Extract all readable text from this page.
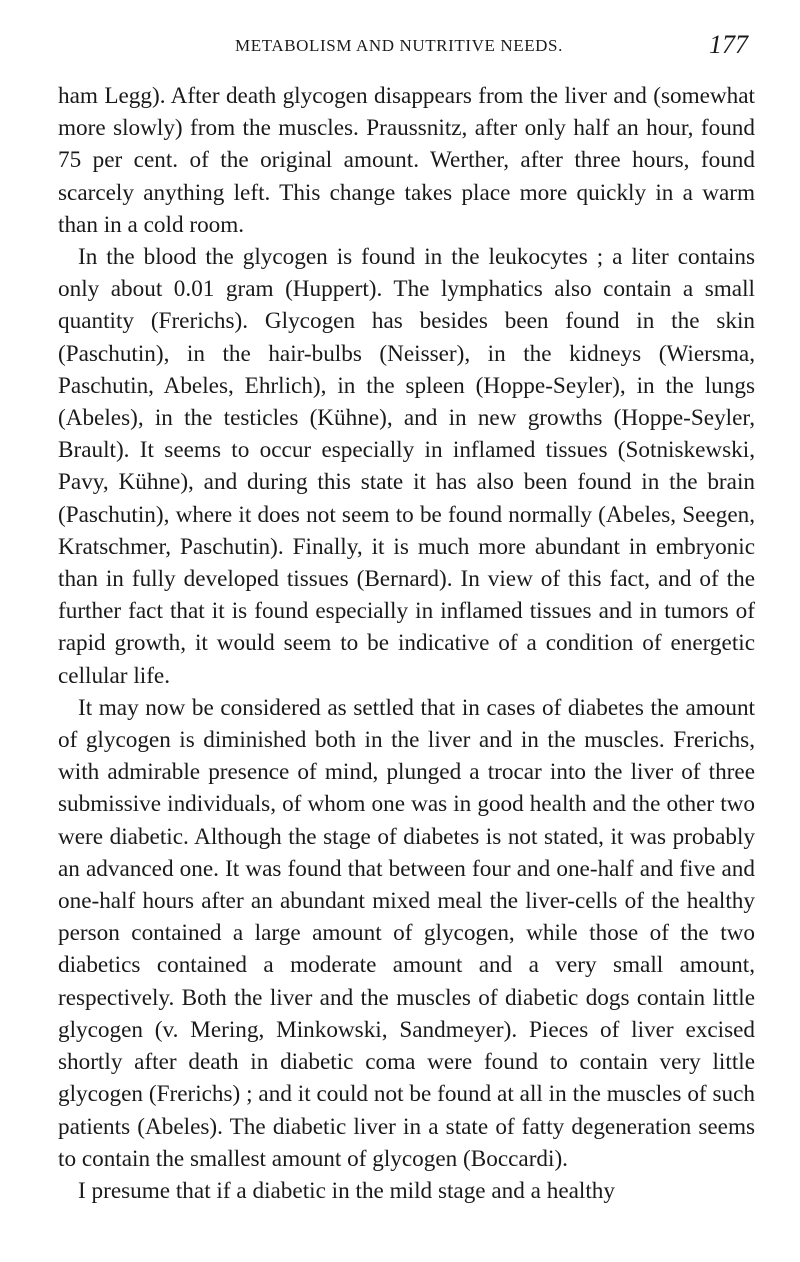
METABOLISM AND NUTRITIVE NEEDS.	177

ham Legg). After death glycogen disappears from the liver and (somewhat more slowly) from the muscles. Praussnitz, after only half an hour, found 75 per cent. of the original amount. Werther, after three hours, found scarcely anything left. This change takes place more quickly in a warm than in a cold room.

In the blood the glycogen is found in the leukocytes ; a liter contains only about 0.01 gram (Huppert). The lymphatics also contain a small quantity (Frerichs). Glycogen has besides been found in the skin (Paschutin), in the hair-bulbs (Neisser), in the kidneys (Wiersma, Paschutin, Abeles, Ehrlich), in the spleen (Hoppe-Seyler), in the lungs (Abeles), in the testicles (Kühne), and in new growths (Hoppe-Seyler, Brault). It seems to occur especially in inflamed tissues (Sotniskewski, Pavy, Kühne), and during this state it has also been found in the brain (Paschutin), where it does not seem to be found normally (Abeles, Seegen, Kratschmer, Paschutin). Finally, it is much more abundant in embryonic than in fully developed tissues (Bernard). In view of this fact, and of the further fact that it is found especially in inflamed tissues and in tumors of rapid growth, it would seem to be indicative of a condition of energetic cellular life.

It may now be considered as settled that in cases of diabetes the amount of glycogen is diminished both in the liver and in the muscles. Frerichs, with admirable presence of mind, plunged a trocar into the liver of three submissive individuals, of whom one was in good health and the other two were diabetic. Although the stage of diabetes is not stated, it was probably an advanced one. It was found that between four and one-half and five and one-half hours after an abundant mixed meal the liver-cells of the healthy person contained a large amount of glycogen, while those of the two diabetics contained a moderate amount and a very small amount, respectively. Both the liver and the muscles of diabetic dogs contain little glycogen (v. Mering, Minkowski, Sandmeyer). Pieces of liver excised shortly after death in diabetic coma were found to contain very little glycogen (Frerichs) ; and it could not be found at all in the muscles of such patients (Abeles). The diabetic liver in a state of fatty degeneration seems to contain the smallest amount of glycogen (Boccardi).

I presume that if a diabetic in the mild stage and a healthy
